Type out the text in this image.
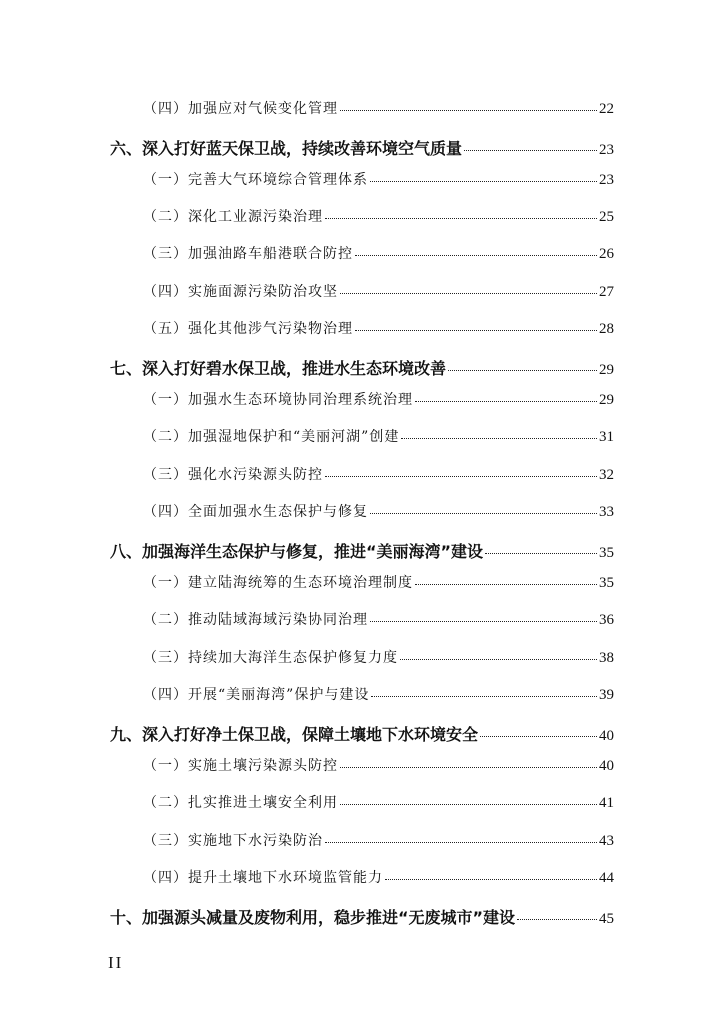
（四）加强应对气候变化管理	22
六、深入打好蓝天保卫战，持续改善环境空气质量	23
（一）完善大气环境综合管理体系	23
（二）深化工业源污染治理	25
（三）加强油路车船港联合防控	26
（四）实施面源污染防治攻坚	27
（五）强化其他涉气污染物治理	28
七、深入打好碧水保卫战，推进水生态环境改善	29
（一）加强水生态环境协同治理系统治理	29
（二）加强湿地保护和“美丽河湖”创建	31
（三）强化水污染源头防控	32
（四）全面加强水生态保护与修复	33
八、加强海洋生态保护与修复，推进“美丽海湾”建设	35
（一）建立陆海统筹的生态环境治理制度	35
（二）推动陆域海域污染协同治理	36
（三）持续加大海洋生态保护修复力度	38
（四）开展“美丽海湾”保护与建设	39
九、深入打好净土保卫战，保障土壤地下水环境安全	40
（一）实施土壤污染源头防控	40
（二）扎实推进土壤安全利用	41
（三）实施地下水污染防治	43
（四）提升土壤地下水环境监管能力	44
十、加强源头减量及废物利用，稳步推进“无废城市”建设	45
II
